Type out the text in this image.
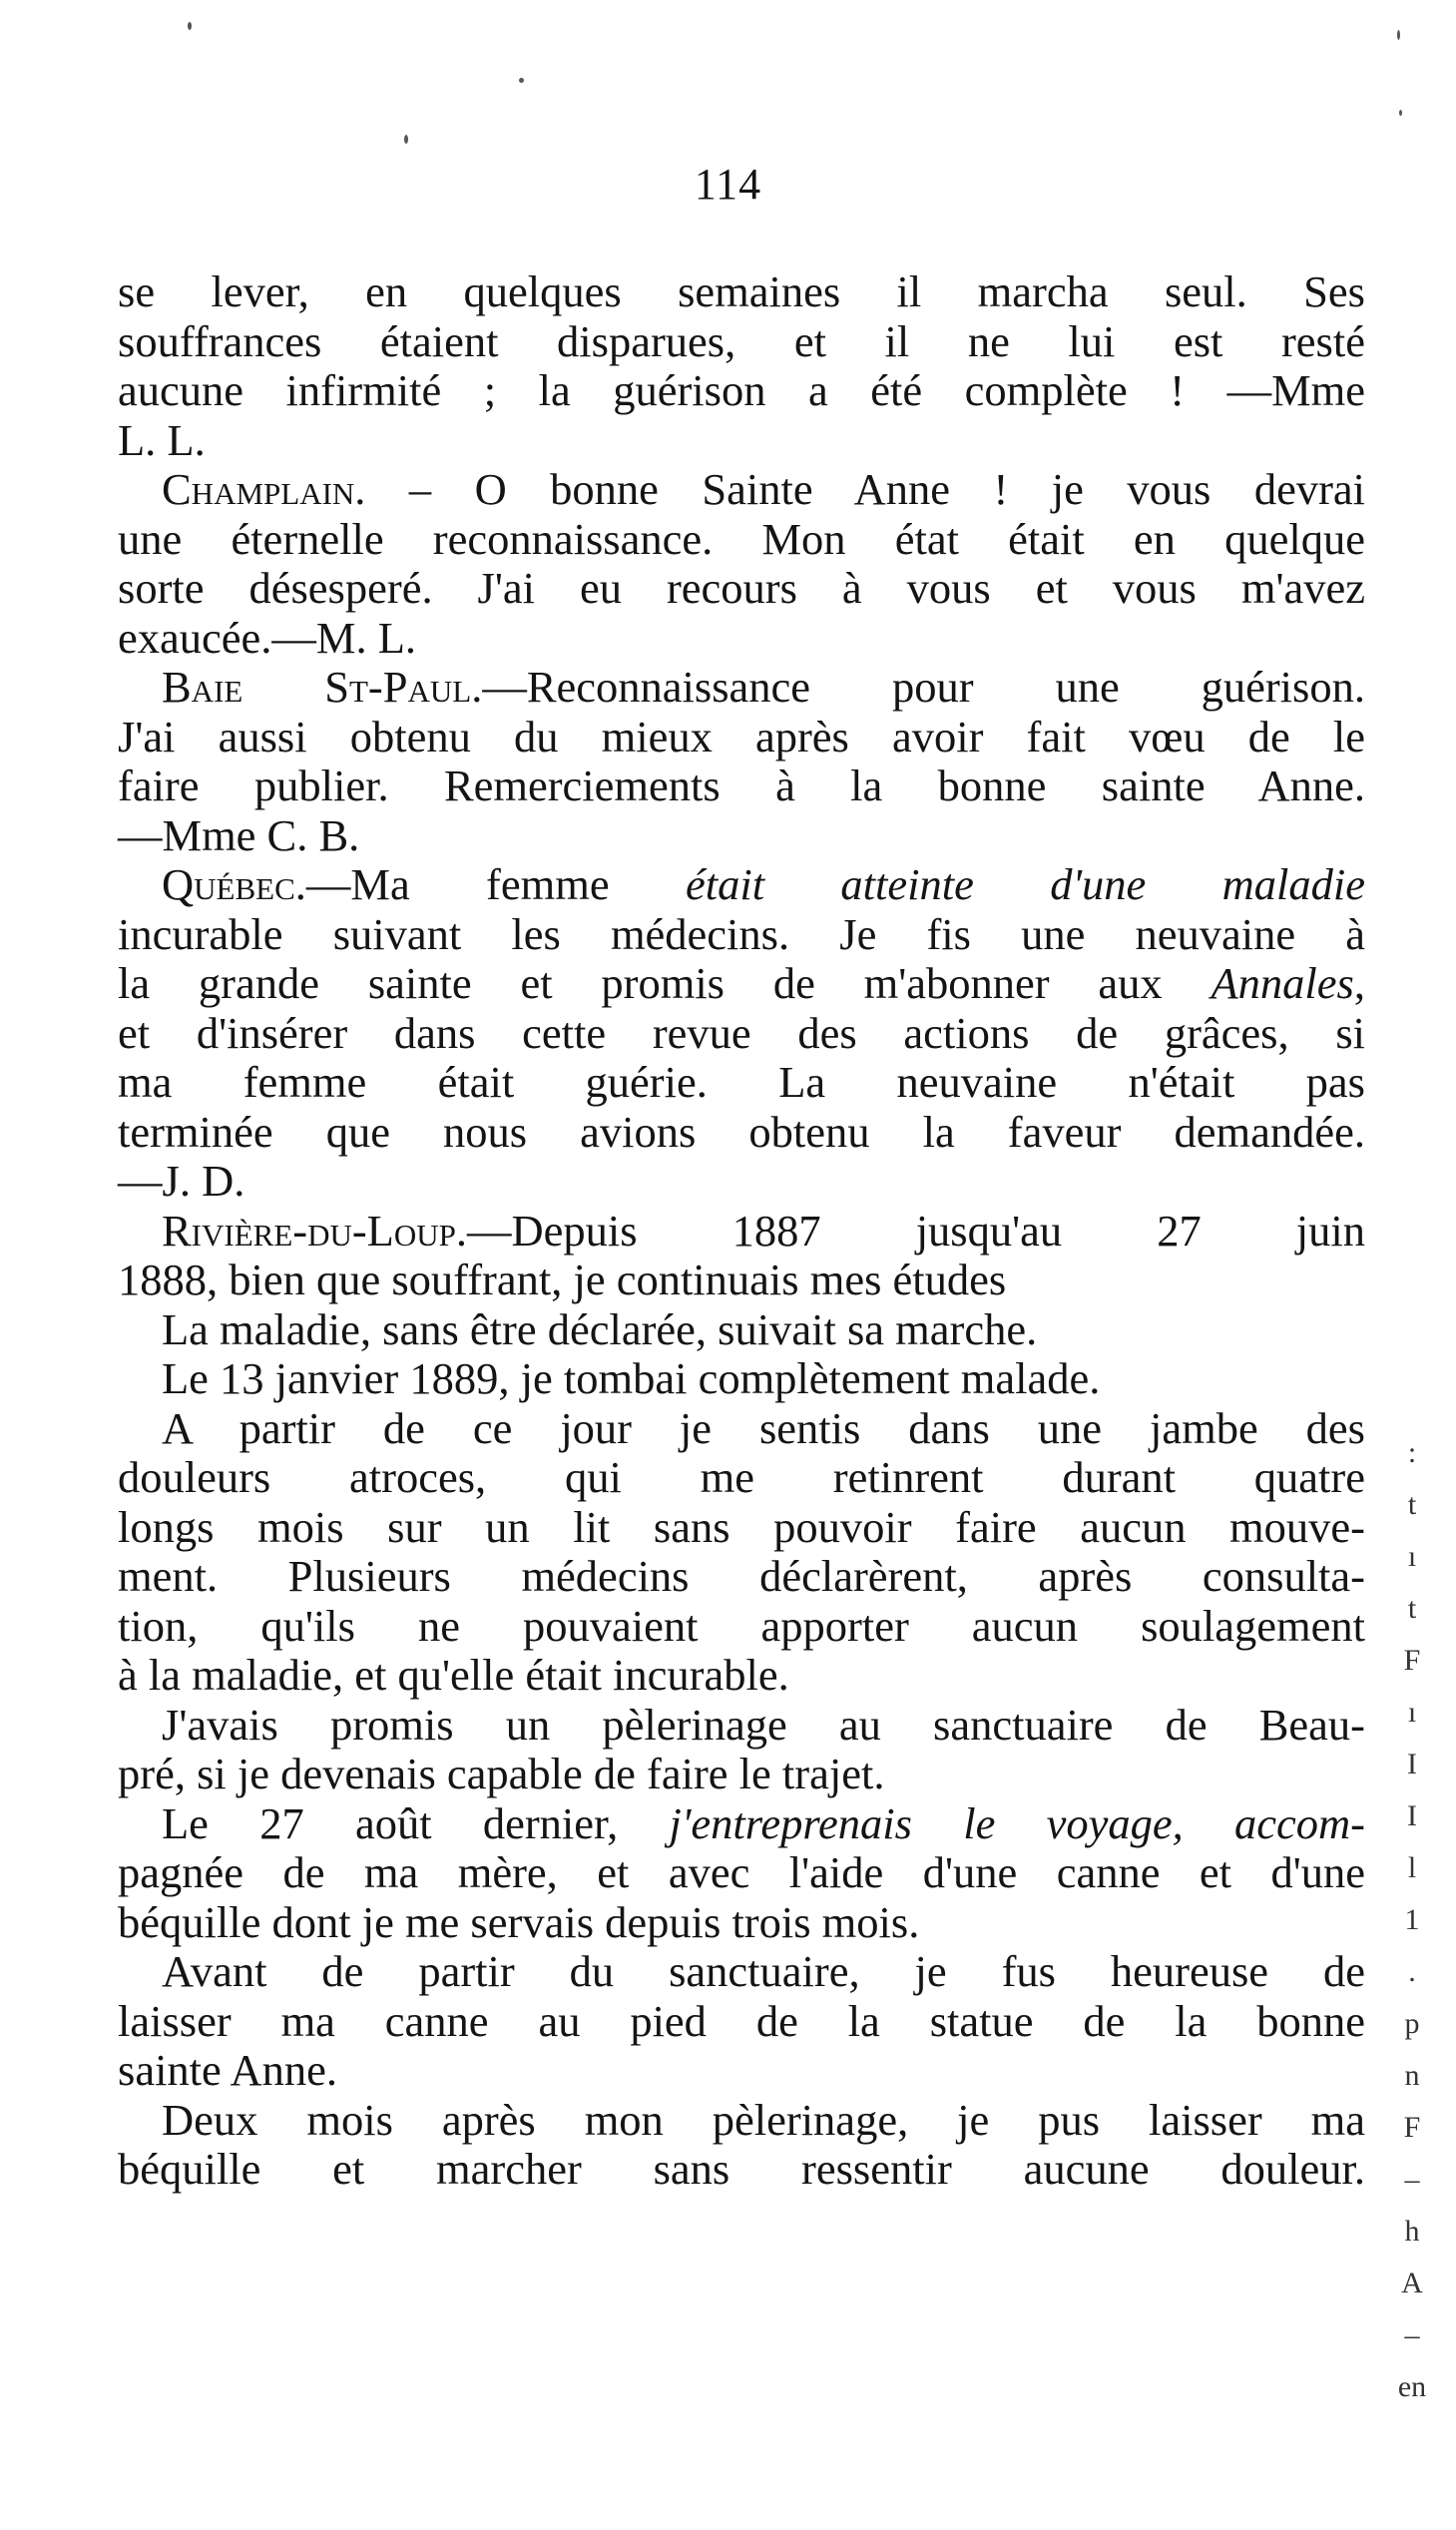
114
se lever, en quelques semaines il marcha seul. Ses
souffrances étaient disparues, et il ne lui est resté
aucune infirmité ; la guérison a été complète ! —Mme
L. L.
Champlain. – O bonne Sainte Anne ! je vous devrai
une éternelle reconnaissance. Mon état était en quelque
sorte désesperé. J'ai eu recours à vous et vous m'avez
exaucée.—M. L.
Baie St-Paul.—Reconnaissance pour une guérison.
J'ai aussi obtenu du mieux après avoir fait vœu de le
faire publier. Remerciements à la bonne sainte Anne.
—Mme C. B.
Québec.—Ma femme était atteinte d'une maladie
incurable suivant les médecins. Je fis une neuvaine à
la grande sainte et promis de m'abonner aux Annales,
et d'insérer dans cette revue des actions de grâces, si
ma femme était guérie. La neuvaine n'était pas
terminée que nous avions obtenu la faveur demandée.
—J. D.
Rivière-du-Loup.—Depuis 1887 jusqu'au 27 juin
1888, bien que souffrant, je continuais mes études
La maladie, sans être déclarée, suivait sa marche.
Le 13 janvier 1889, je tombai complètement malade.
A partir de ce jour je sentis dans une jambe des
douleurs atroces, qui me retinrent durant quatre
longs mois sur un lit sans pouvoir faire aucun mouve-
ment. Plusieurs médecins déclarèrent, après consulta-
tion, qu'ils ne pouvaient apporter aucun soulagement
à la maladie, et qu'elle était incurable.
J'avais promis un pèlerinage au sanctuaire de Beau-
pré, si je devenais capable de faire le trajet.
Le 27 août dernier, j'entreprenais le voyage, accom-
pagnée de ma mère, et avec l'aide d'une canne et d'une
béquille dont je me servais depuis trois mois.
Avant de partir du sanctuaire, je fus heureuse de
laisser ma canne au pied de la statue de la bonne
sainte Anne.
Deux mois après mon pèlerinage, je pus laisser ma
béquille et marcher sans ressentir aucune douleur.
:
t
ı
t
F
ı
I
I
l
1
.
p
n
F
–
h
A
–
en
